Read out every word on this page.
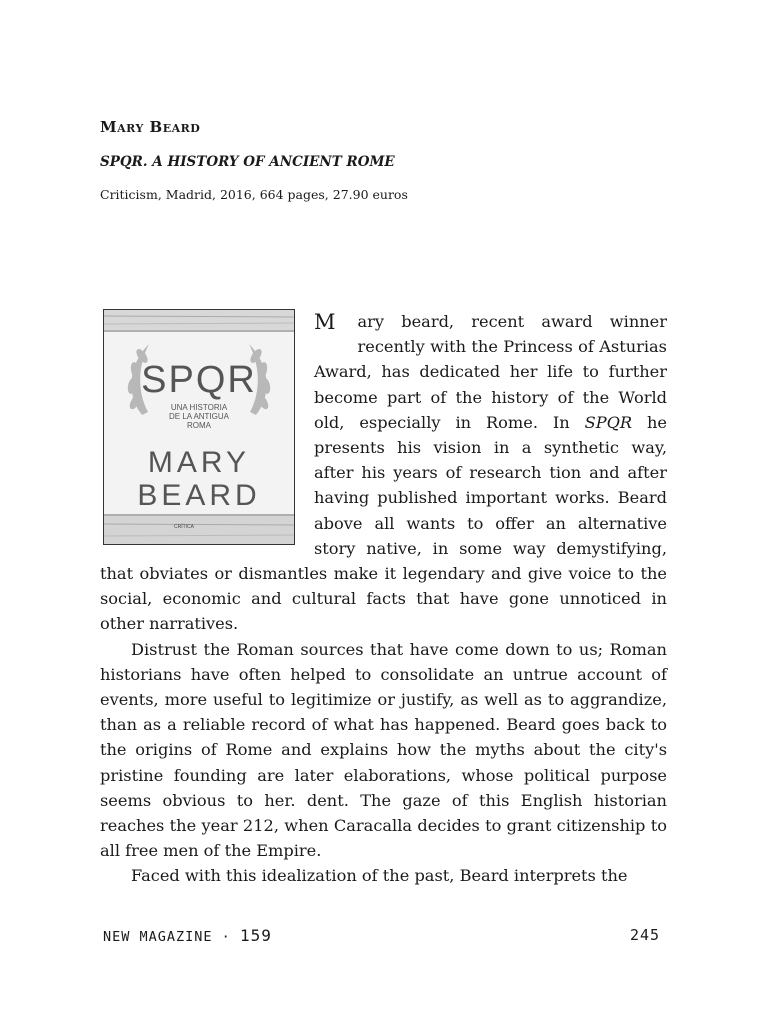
Mary Beard
SPQR. A HISTORY OF ANCIENT ROME

Criticism, Madrid, 2016, 664 pages, 27.90 euros

SPQR
UNA HISTORIA
DE LA ANTIGUA
ROMA
MARY
BEARD
CRÍTICA

M ary beard, recent award winner recently with the Princess of Asturias Award, has dedicated her life to further become part of the history of the World old, especially in Rome. In SPQR he presents his vision in a synthetic way, after his years of research tion and after having published important works. Beard above all wants to offer an alternative story native, in some way demystifying, that obviates or dismantles make it legendary and give voice to the social, economic and cultural facts that have gone unnoticed in other narratives.

Distrust the Roman sources that have come down to us; Roman historians have often helped to consolidate an untrue account of events, more useful to legitimize or justify, as well as to aggrandize, than as a reliable record of what has happened. Beard goes back to the origins of Rome and explains how the myths about the city's pristine founding are later elaborations, whose political purpose seems obvious to her. dent. The gaze of this English historian reaches the year 212, when Caracalla decides to grant citizenship to all free men of the Empire.

Faced with this idealization of the past, Beard interprets the

NEW MAGAZINE · 159	245
